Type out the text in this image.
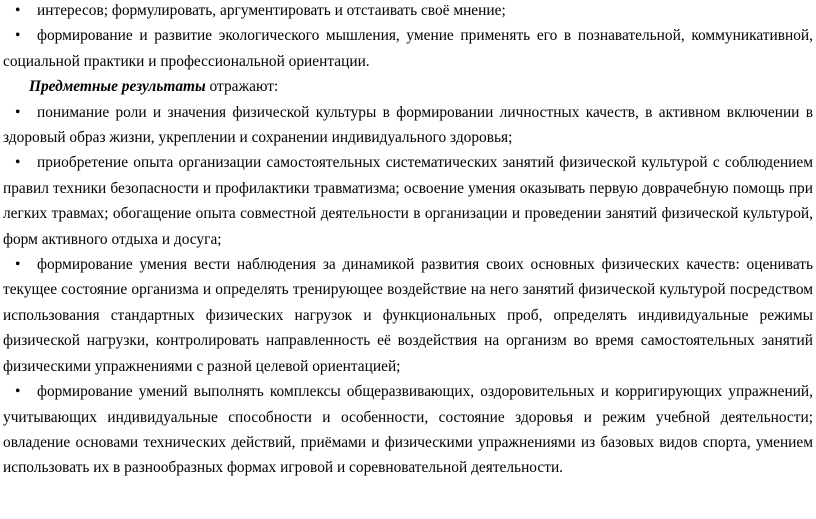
• интересов; формулировать, аргументировать и отстаивать своё мнение;

• формирование и развитие экологического мышления, умение применять его в познавательной, коммуникативной, социальной практики и профессиональной ориентации.

Предметные результаты отражают:

• понимание роли и значения физической культуры в формировании личностных качеств, в активном включении в здоровый образ жизни, укреплении и сохранении индивидуального здоровья;

• приобретение опыта организации самостоятельных систематических занятий физической культурой с соблюдением правил техники безопасности и профилактики травматизма; освоение умения оказывать первую доврачебную помощь при легких травмах; обогащение опыта совместной деятельности в организации и проведении занятий физической культурой, форм активного отдыха и досуга;

• формирование умения вести наблюдения за динамикой развития своих основных физических качеств: оценивать текущее состояние организма и определять тренирующее воздействие на него занятий физической культурой посредством использования стандартных физических нагрузок и функциональных проб, определять индивидуальные режимы физической нагрузки, контролировать направленность её воздействия на организм во время самостоятельных занятий физическими упражнениями с разной целевой ориентацией;

• формирование умений выполнять комплексы общеразвивающих, оздоровительных и корригирующих упражнений, учитывающих индивидуальные способности и особенности, состояние здоровья и режим учебной деятельности; овладение основами технических действий, приёмами и физическими упражнениями из базовых видов спорта, умением использовать их в разнообразных формах игровой и соревновательной деятельности.
